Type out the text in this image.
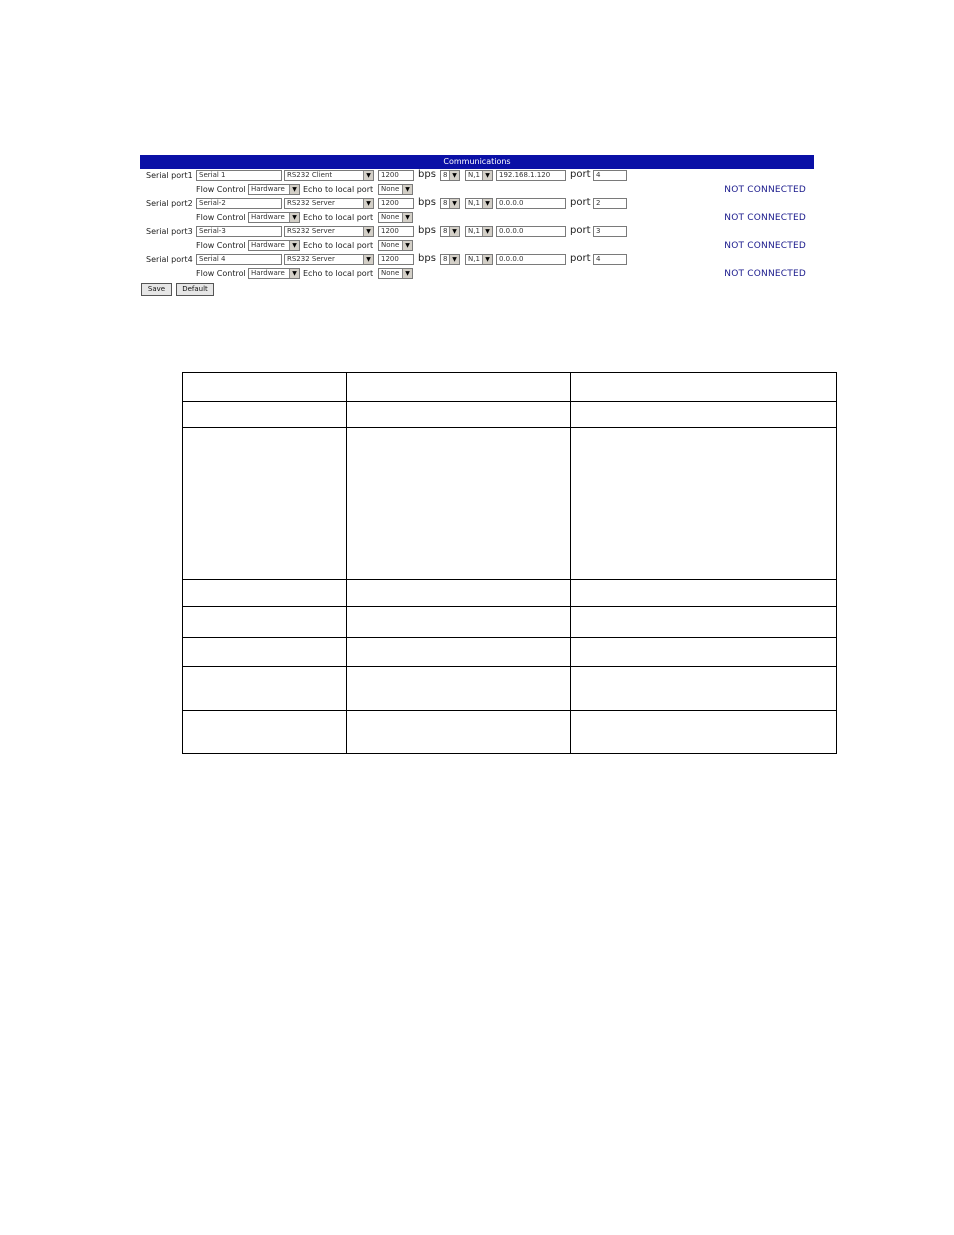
Communications
Serial port1 Serial 1	RS232 Client	▼	1200	bps	8 ▼	N,1 ▼	192.168.1.120	port 4
Flow Control Hardware	▼ Echo to local port	None ▼	NOT CONNECTED
Serial port2 Serial-2	RS232 Server	▼	1200	bps	8 ▼	N,1 ▼	0.0.0.0	port 2
Flow Control Hardware	▼ Echo to local port	None ▼	NOT CONNECTED
Serial port3 Serial-3	RS232 Server	▼	1200	bps	8 ▼	N,1 ▼	0.0.0.0	port 3
Flow Control Hardware	▼ Echo to local port	None ▼	NOT CONNECTED
Serial port4 Serial 4	RS232 Server	▼	1200	bps	8 ▼	N,1 ▼	0.0.0.0	port 4
Flow Control Hardware	▼ Echo to local port	None ▼	NOT CONNECTED
Save	Default
